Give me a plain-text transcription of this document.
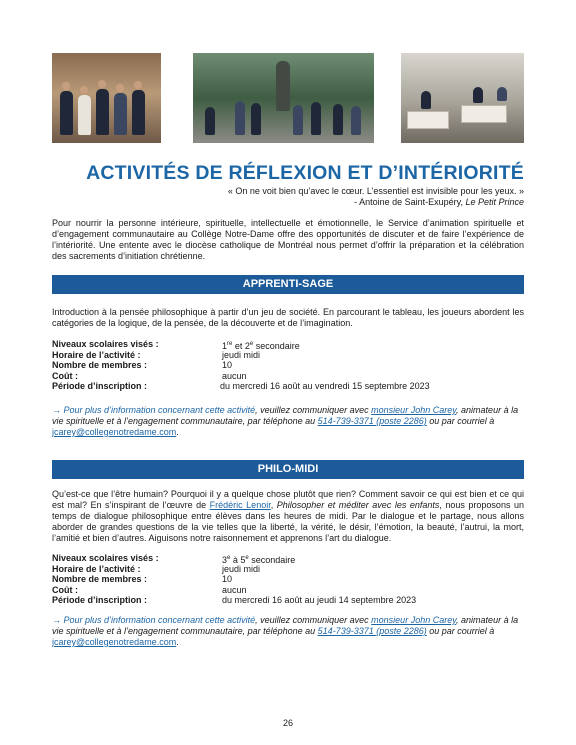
ACTIVITÉS DE RÉFLEXION ET D’INTÉRIORITÉ
« On ne voit bien qu’avec le cœur. L’essentiel est invisible pour les yeux. »
- Antoine de Saint-Exupéry, Le Petit Prince

Pour nourrir la personne intérieure, spirituelle, intellectuelle et émotionnelle, le Service d’animation spirituelle et d’engagement communautaire au Collège Notre-Dame offre des opportunités de discuter et de faire l’expérience de l’intériorité. Une entente avec le diocèse catholique de Montréal nous permet d’offrir la préparation et la célébration des sacrements d’initiation chrétienne.

APPRENTI-SAGE

Introduction à la pensée philosophique à partir d’un jeu de société. En parcourant le tableau, les joueurs abordent les catégories de la logique, de la pensée, de la découverte et de l’imagination.

Niveaux scolaires visés :	1re et 2e secondaire
Horaire de l’activité :	jeudi midi
Nombre de membres :	10
Coût :	aucun
Période d’inscription :	du mercredi 16 août au vendredi 15 septembre 2023
→ Pour plus d’information concernant cette activité, veuillez communiquer avec monsieur John Carey, animateur à la vie spirituelle et à l’engagement communautaire, par téléphone au 514-739-3371 (poste 2286) ou par courriel à jcarey@collegenotredame.com.
PHILO-MIDI

Qu’est-ce que l’être humain? Pourquoi il y a quelque chose plutôt que rien? Comment savoir ce qui est bien et ce qui est mal? En s’inspirant de l’œuvre de Frédéric Lenoir, Philosopher et méditer avec les enfants, nous proposons un temps de dialogue philosophique entre élèves dans les heures de midi. Par le dialogue et le partage, nous allons aborder de grandes questions de la vie telles que la liberté, la vérité, le désir, l’émotion, la beauté, l’autrui, la mort, l’amitié et bien d’autres. Aiguisons notre raisonnement et apprenons l’art du dialogue.

Niveaux scolaires visés :	3e à 5e secondaire
Horaire de l’activité :	jeudi midi
Nombre de membres :	10
Coût :	aucun
Période d’inscription :	du mercredi 16 août au jeudi 14 septembre 2023
→ Pour plus d’information concernant cette activité, veuillez communiquer avec monsieur John Carey, animateur à la vie spirituelle et à l’engagement communautaire, par téléphone au 514-739-3371 (poste 2286) ou par courriel à jcarey@collegenotredame.com.
26
